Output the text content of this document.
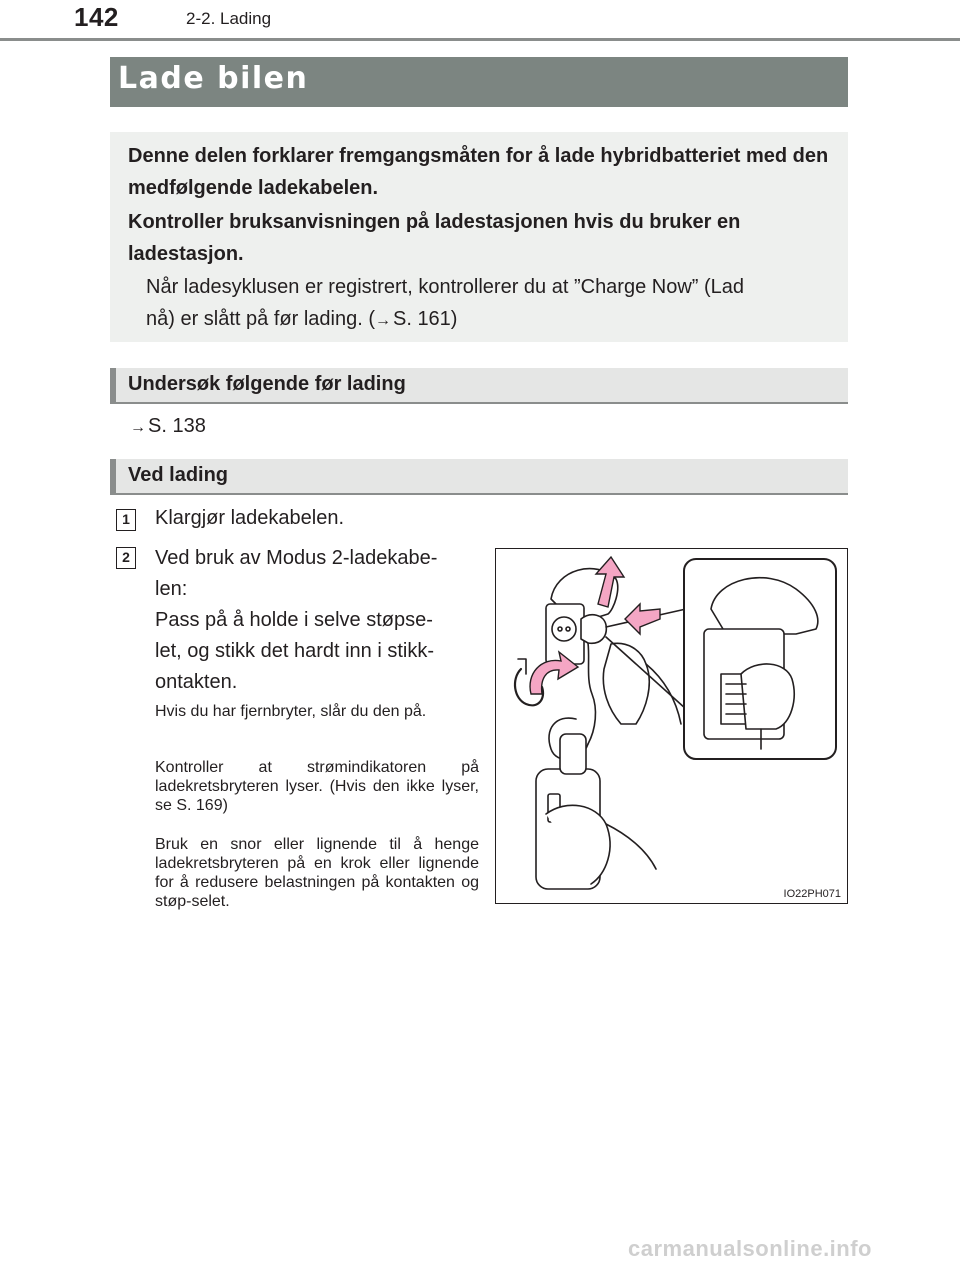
142	2-2. Lading
Lade bilen

Denne delen forklarer fremgangsmåten for å lade hybridbatteriet med den medfølgende ladekabelen.

Kontroller bruksanvisningen på ladestasjonen hvis du bruker en ladestasjon.

Når ladesyklusen er registrert, kontrollerer du at ”Charge Now” (Lad
nå) er slått på før lading. (→ S. 161)

Undersøk følgende før lading
→ S. 138
Ved lading
1	Klargjør ladekabelen.
2	Ved bruk av Modus 2-ladekabe-
len:
Pass på å holde i selve støpse-
let, og stikk det hardt inn i stikk-
ontakten.

Hvis du har fjernbryter, slår du den på.

Kontroller at strømindikatoren på ladekretsbryteren lyser. (Hvis den ikke lyser, se S. 169)

Bruk en snor eller lignende til å henge ladekretsbryteren på en krok eller lignende for å redusere belastningen på kontakten og støp-selet.	IO22PH071
carmanualsonline.info
